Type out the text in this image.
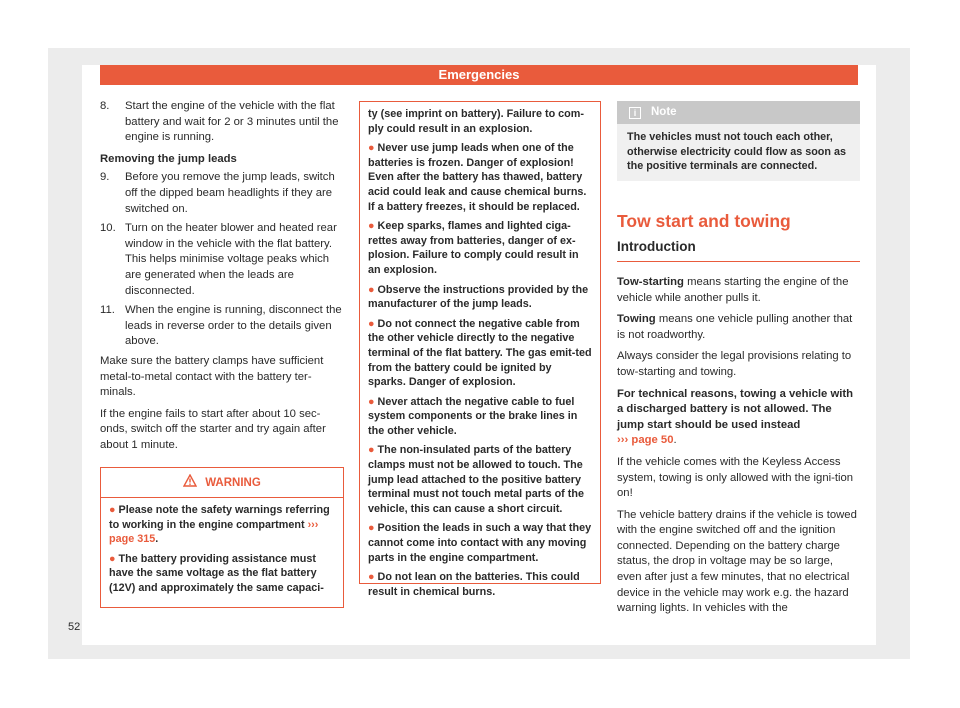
Emergencies
8.	Start the engine of the vehicle with the flat battery and wait for 2 or 3 minutes until the engine is running.
Removing the jump leads
9.	Before you remove the jump leads, switch off the dipped beam headlights if they are switched on.
10. Turn on the heater blower and heated rear window in the vehicle with the flat battery. This helps minimise voltage peaks which are generated when the leads are disconnected.
11. When the engine is running, disconnect the leads in reverse order to the details given above.

Make sure the battery clamps have sufficient metal-to-metal contact with the battery ter-minals.

If the engine fails to start after about 10 sec-onds, switch off the starter and try again after about 1 minute.

WARNING
● Please note the safety warnings referring to working in the engine compartment ››› page 315.
● The battery providing assistance must have the same voltage as the flat battery (12V) and approximately the same capaci-
ty (see imprint on battery). Failure to com-ply could result in an explosion.
● Never use jump leads when one of the batteries is frozen. Danger of explosion! Even after the battery has thawed, battery acid could leak and cause chemical burns. If a battery freezes, it should be replaced.
● Keep sparks, flames and lighted ciga-rettes away from batteries, danger of ex-plosion. Failure to comply could result in an explosion.
● Observe the instructions provided by the manufacturer of the jump leads.
● Do not connect the negative cable from the other vehicle directly to the negative terminal of the flat battery. The gas emit-ted from the battery could be ignited by sparks. Danger of explosion.
● Never attach the negative cable to fuel system components or the brake lines in the other vehicle.
● The non-insulated parts of the battery clamps must not be allowed to touch. The jump lead attached to the positive battery terminal must not touch metal parts of the vehicle, this can cause a short circuit.
● Position the leads in such a way that they cannot come into contact with any moving parts in the engine compartment.
● Do not lean on the batteries. This could result in chemical burns.
i	Note
The vehicles must not touch each other, otherwise electricity could flow as soon as the positive terminals are connected.
Tow start and towing
Introduction

Tow-starting means starting the engine of the vehicle while another pulls it.

Towing means one vehicle pulling another that is not roadworthy.

Always consider the legal provisions relating to tow-starting and towing.

For technical reasons, towing a vehicle with a discharged battery is not allowed. The jump start should be used instead
››› page 50.

If the vehicle comes with the Keyless Access system, towing is only allowed with the igni-tion on!

The vehicle battery drains if the vehicle is towed with the engine switched off and the ignition connected. Depending on the battery charge status, the drop in voltage may be so large, even after just a few minutes, that no electrical device in the vehicle may work e.g. the hazard warning lights. In vehicles with the

52
